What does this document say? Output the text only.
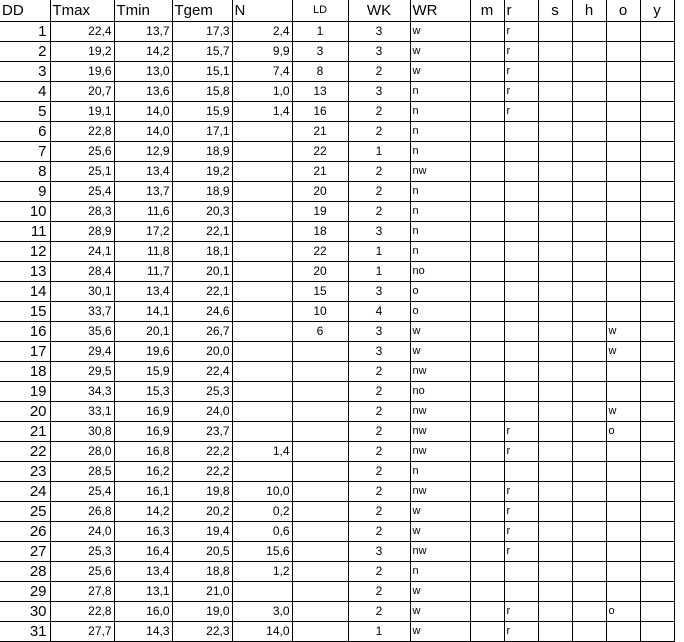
DD	Tmax	Tmin	Tgem	N	LD	WK	WR	m	r	s	h	o	y
1	22,4	13,7	17,3	2,4	1	3	w		r				
2	19,2	14,2	15,7	9,9	3	3	w		r				
3	19,6	13,0	15,1	7,4	8	2	w		r				
4	20,7	13,6	15,8	1,0	13	3	n		r				
5	19,1	14,0	15,9	1,4	16	2	n		r				
6	22,8	14,0	17,1		21	2	n						
7	25,6	12,9	18,9		22	1	n						
8	25,1	13,4	19,2		21	2	nw						
9	25,4	13,7	18,9		20	2	n						
10	28,3	11,6	20,3		19	2	n						
11	28,9	17,2	22,1		18	3	n						
12	24,1	11,8	18,1		22	1	n						
13	28,4	11,7	20,1		20	1	no						
14	30,1	13,4	22,1		15	3	o						
15	33,7	14,1	24,6		10	4	o						
16	35,6	20,1	26,7		6	3	w					w	
17	29,4	19,6	20,0			3	w					w	
18	29,5	15,9	22,4			2	nw						
19	34,3	15,3	25,3			2	no						
20	33,1	16,9	24,0			2	nw					w	
21	30,8	16,9	23,7			2	nw		r			o	
22	28,0	16,8	22,2	1,4		2	nw		r				
23	28,5	16,2	22,2			2	n						
24	25,4	16,1	19,8	10,0		2	nw		r				
25	26,8	14,2	20,2	0,2		2	w		r				
26	24,0	16,3	19,4	0,6		2	w		r				
27	25,3	16,4	20,5	15,6		3	nw		r				
28	25,6	13,4	18,8	1,2		2	n						
29	27,8	13,1	21,0			2	w						
30	22,8	16,0	19,0	3,0		2	w		r			o	
31	27,7	14,3	22,3	14,0		1	w		r				
